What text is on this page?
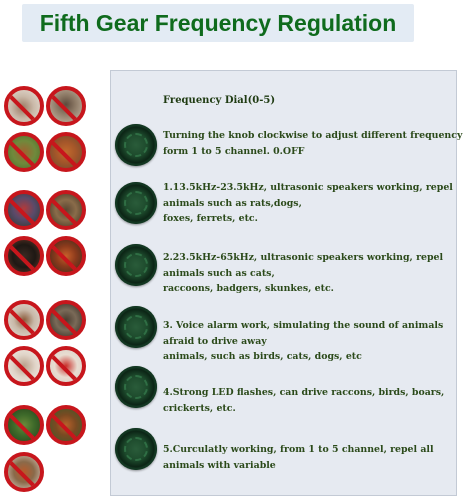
Fifth Gear Frequency Regulation
Frequency Dial(0-5)
Turning the knob clockwise to adjust different frequency
form 1 to 5 channel. 0.OFF
1.13.5kHz-23.5kHz, ultrasonic speakers working, repel
animals such as rats,dogs,
foxes, ferrets, etc.
2.23.5kHz-65kHz, ultrasonic speakers working, repel
animals such as cats,
raccoons, badgers, skunkes, etc.
3. Voice alarm work, simulating the sound of animals
afraid to drive away
animals, such as birds, cats, dogs, etc
4.Strong LED flashes, can drive raccons, birds, boars,
crickerts, etc.
5.Curculatly working, from 1 to 5 channel, repel all
animals with variable
